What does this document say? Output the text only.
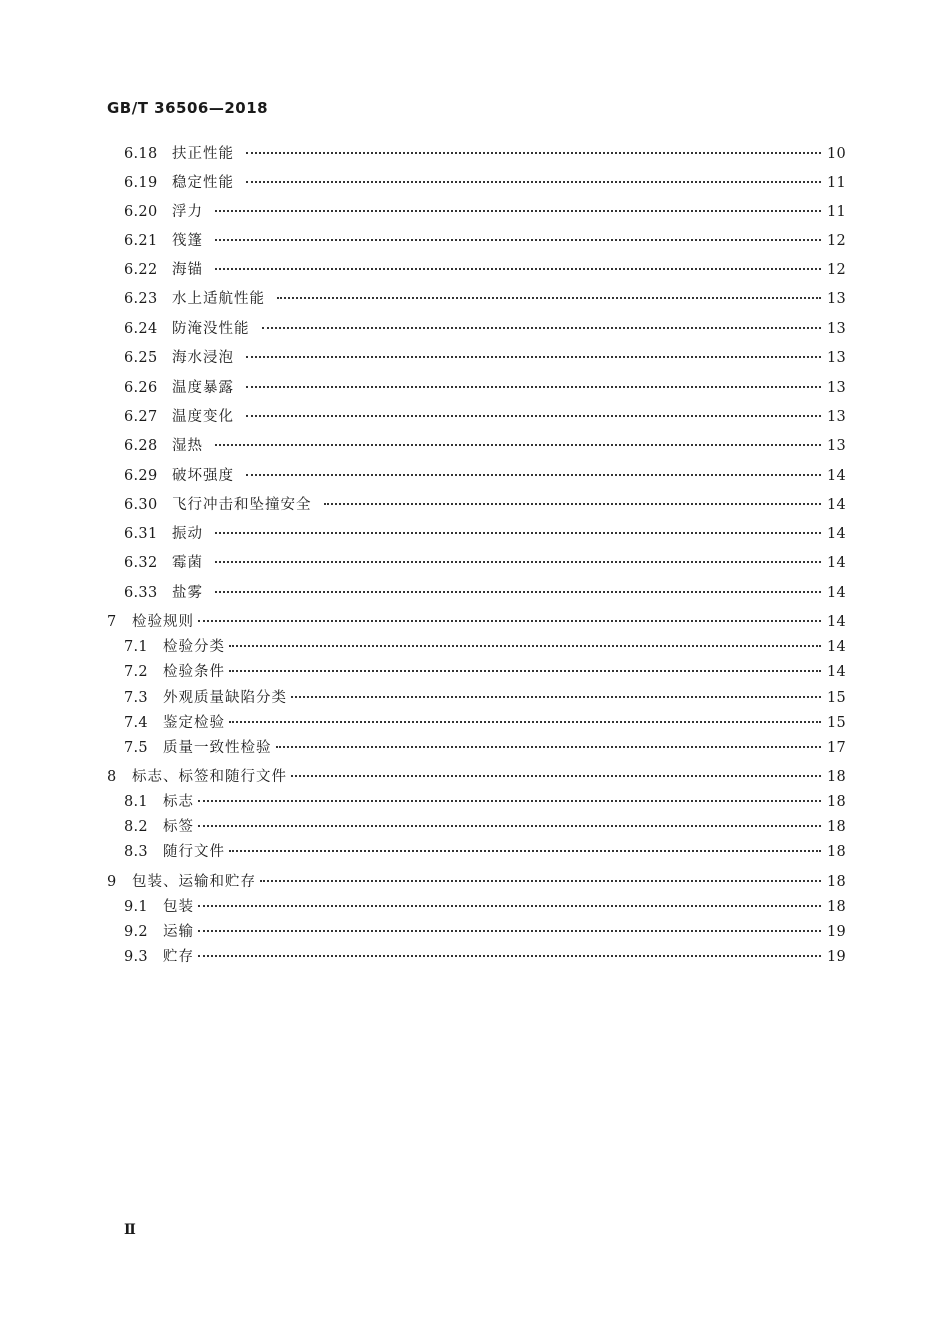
GB/T 36506—2018
6.18	扶正性能	10
6.19	稳定性能	11
6.20	浮力	11
6.21	筏篷	12
6.22	海锚	12
6.23	水上适航性能	13
6.24	防淹没性能	13
6.25	海水浸泡	13
6.26	温度暴露	13
6.27	温度变化	13
6.28	湿热	13
6.29	破坏强度	14
6.30	飞行冲击和坠撞安全	14
6.31	振动	14
6.32	霉菌	14
6.33	盐雾	14
7	检验规则	14
7.1	检验分类	14
7.2	检验条件	14
7.3	外观质量缺陷分类	15
7.4	鉴定检验	15
7.5	质量一致性检验	17
8	标志、标签和随行文件	18
8.1	标志	18
8.2	标签	18
8.3	随行文件	18
9	包装、运输和贮存	18
9.1	包装	18
9.2	运输	19
9.3	贮存	19
Ⅱ
